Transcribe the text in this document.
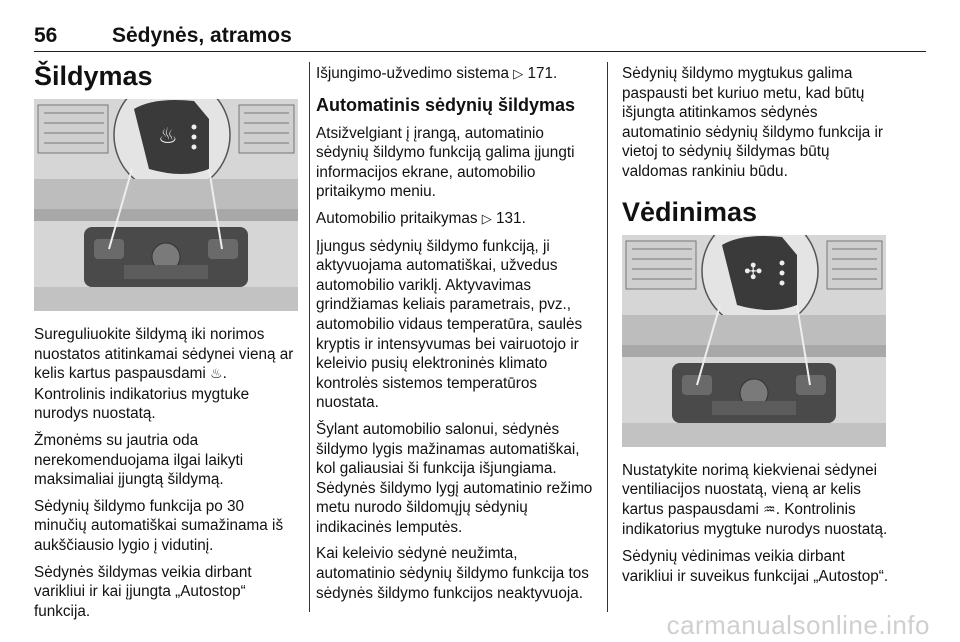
56	Sėdynės, atramos
Šildymas
♨

Sureguliuokite šildymą iki norimos nuostatos atitinkamai sėdynei vieną ar kelis kartus paspausdami ♨. Kontrolinis indikatorius mygtuke nurodys nuostatą.

Žmonėms su jautria oda nerekomenduojama ilgai laikyti maksimaliai įjungtą šildymą.

Sėdynių šildymo funkcija po 30 minučių automatiškai sumažinama iš aukščiausio lygio į vidutinį.

Sėdynės šildymas veikia dirbant varikliui ir kai įjungta „Autostop“ funkcija.

Išjungimo-užvedimo sistema ▷ 171.

Automatinis sėdynių šildymas

Atsižvelgiant į įrangą, automatinio sėdynių šildymo funkciją galima įjungti informacijos ekrane, automobilio pritaikymo meniu.

Automobilio pritaikymas ▷ 131.

Įjungus sėdynių šildymo funkciją, ji aktyvuojama automatiškai, užvedus automobilio variklį. Aktyvavimas grindžiamas keliais parametrais, pvz., automobilio vidaus temperatūra, saulės kryptis ir intensyvumas bei vairuotojo ir keleivio pusių elektroninės klimato kontrolės sistemos temperatūros nuostata.

Šylant automobilio salonui, sėdynės šildymo lygis mažinamas automatiškai, kol galiausiai ši funkcija išjungiama. Sėdynės šildymo lygį automatinio režimo metu nurodo šildomųjų sėdynių indikacinės lemputės.

Kai keleivio sėdynė neužimta, automatinio sėdynių šildymo funkcija tos sėdynės šildymo funkcijos neaktyvuoja.

Sėdynių šildymo mygtukus galima paspausti bet kuriuo metu, kad būtų išjungta atitinkamos sėdynės automatinio sėdynių šildymo funkcija ir vietoj to sėdynių šildymas būtų valdomas rankiniu būdu.

Vėdinimas
✣

Nustatykite norimą kiekvienai sėdynei ventiliacijos nuostatą, vieną ar kelis kartus paspausdami ♒. Kontrolinis indikatorius mygtuke nurodys nuostatą.

Sėdynių vėdinimas veikia dirbant varikliui ir suveikus funkcijai „Autostop“.

carmanualsonline.info
